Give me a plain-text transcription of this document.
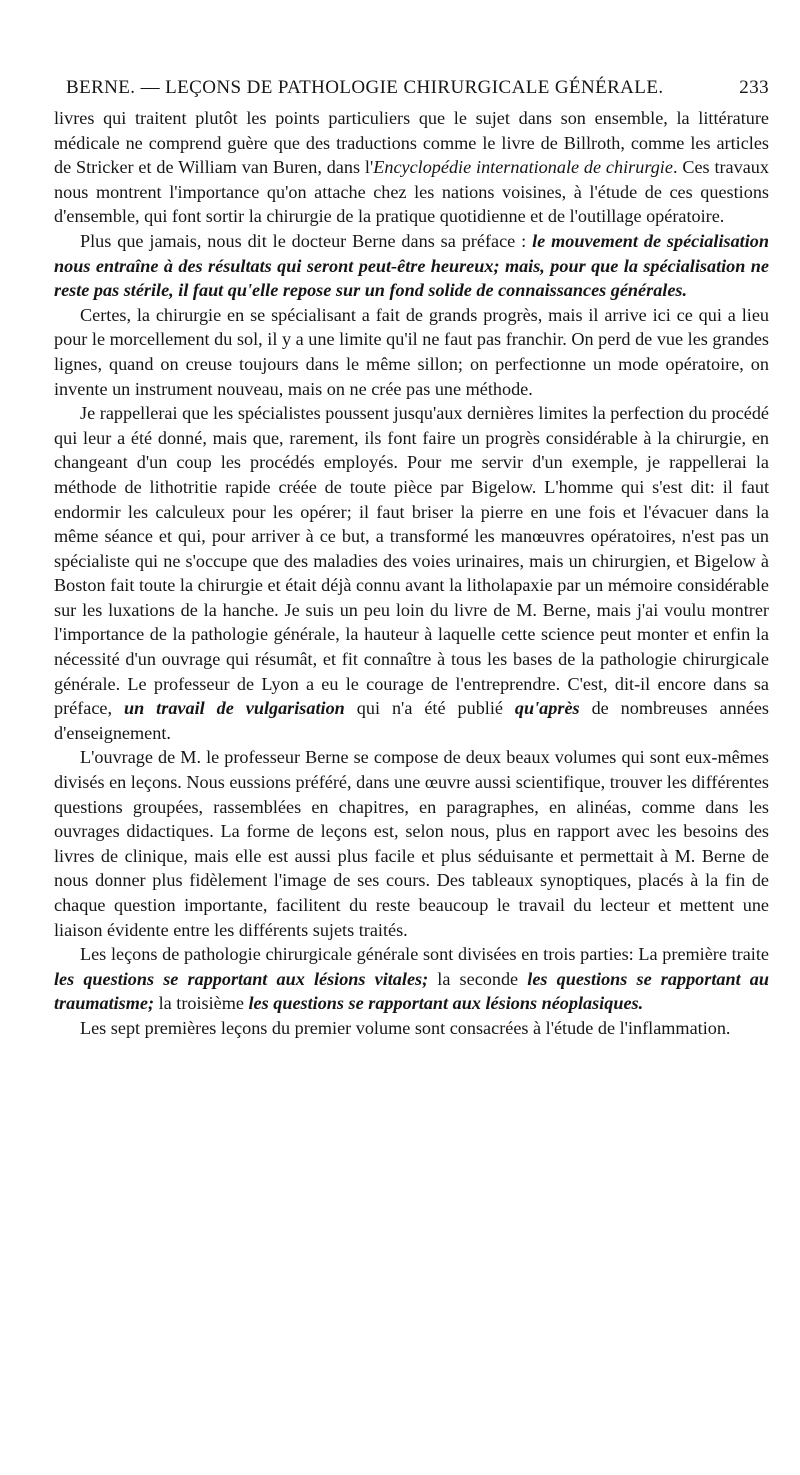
BERNE. — LEÇONS DE PATHOLOGIE CHIRURGICALE GÉNÉRALE.	233

livres qui traitent plutôt les points particuliers que le sujet dans son ensemble, la littérature médicale ne comprend guère que des traductions comme le livre de Billroth, comme les articles de Stricker et de William van Buren, dans l'Encyclopédie internationale de chirurgie. Ces travaux nous montrent l'importance qu'on attache chez les nations voisines, à l'étude de ces questions d'ensemble, qui font sortir la chirurgie de la pratique quotidienne et de l'outillage opératoire.

Plus que jamais, nous dit le docteur Berne dans sa préface : le mouvement de spécialisation nous entraîne à des résultats qui seront peut-être heureux; mais, pour que la spécialisation ne reste pas stérile, il faut qu'elle repose sur un fond solide de connaissances générales.

Certes, la chirurgie en se spécialisant a fait de grands progrès, mais il arrive ici ce qui a lieu pour le morcellement du sol, il y a une limite qu'il ne faut pas franchir. On perd de vue les grandes lignes, quand on creuse toujours dans le même sillon; on perfectionne un mode opératoire, on invente un instrument nouveau, mais on ne crée pas une méthode.

Je rappellerai que les spécialistes poussent jusqu'aux dernières limites la perfection du procédé qui leur a été donné, mais que, rarement, ils font faire un progrès considérable à la chirurgie, en changeant d'un coup les procédés employés. Pour me servir d'un exemple, je rappellerai la méthode de lithotritie rapide créée de toute pièce par Bigelow. L'homme qui s'est dit: il faut endormir les calculeux pour les opérer; il faut briser la pierre en une fois et l'évacuer dans la même séance et qui, pour arriver à ce but, a transformé les manœuvres opératoires, n'est pas un spécialiste qui ne s'occupe que des maladies des voies urinaires, mais un chirurgien, et Bigelow à Boston fait toute la chirurgie et était déjà connu avant la litholapaxie par un mémoire considérable sur les luxations de la hanche. Je suis un peu loin du livre de M. Berne, mais j'ai voulu montrer l'importance de la pathologie générale, la hauteur à laquelle cette science peut monter et enfin la nécessité d'un ouvrage qui résumât, et fit connaître à tous les bases de la pathologie chirurgicale générale. Le professeur de Lyon a eu le courage de l'entreprendre. C'est, dit-il encore dans sa préface, un travail de vulgarisation qui n'a été publié qu'après de nombreuses années d'enseignement.

L'ouvrage de M. le professeur Berne se compose de deux beaux volumes qui sont eux-mêmes divisés en leçons. Nous eussions préféré, dans une œuvre aussi scientifique, trouver les différentes questions groupées, rassemblées en chapitres, en paragraphes, en alinéas, comme dans les ouvrages didactiques. La forme de leçons est, selon nous, plus en rapport avec les besoins des livres de clinique, mais elle est aussi plus facile et plus séduisante et permettait à M. Berne de nous donner plus fidèlement l'image de ses cours. Des tableaux synoptiques, placés à la fin de chaque question importante, facilitent du reste beaucoup le travail du lecteur et mettent une liaison évidente entre les différents sujets traités.

Les leçons de pathologie chirurgicale générale sont divisées en trois parties: La première traite les questions se rapportant aux lésions vitales; la seconde les questions se rapportant au traumatisme; la troisième les questions se rapportant aux lésions néoplasiques.

Les sept premières leçons du premier volume sont consacrées à l'étude de l'inflammation.
